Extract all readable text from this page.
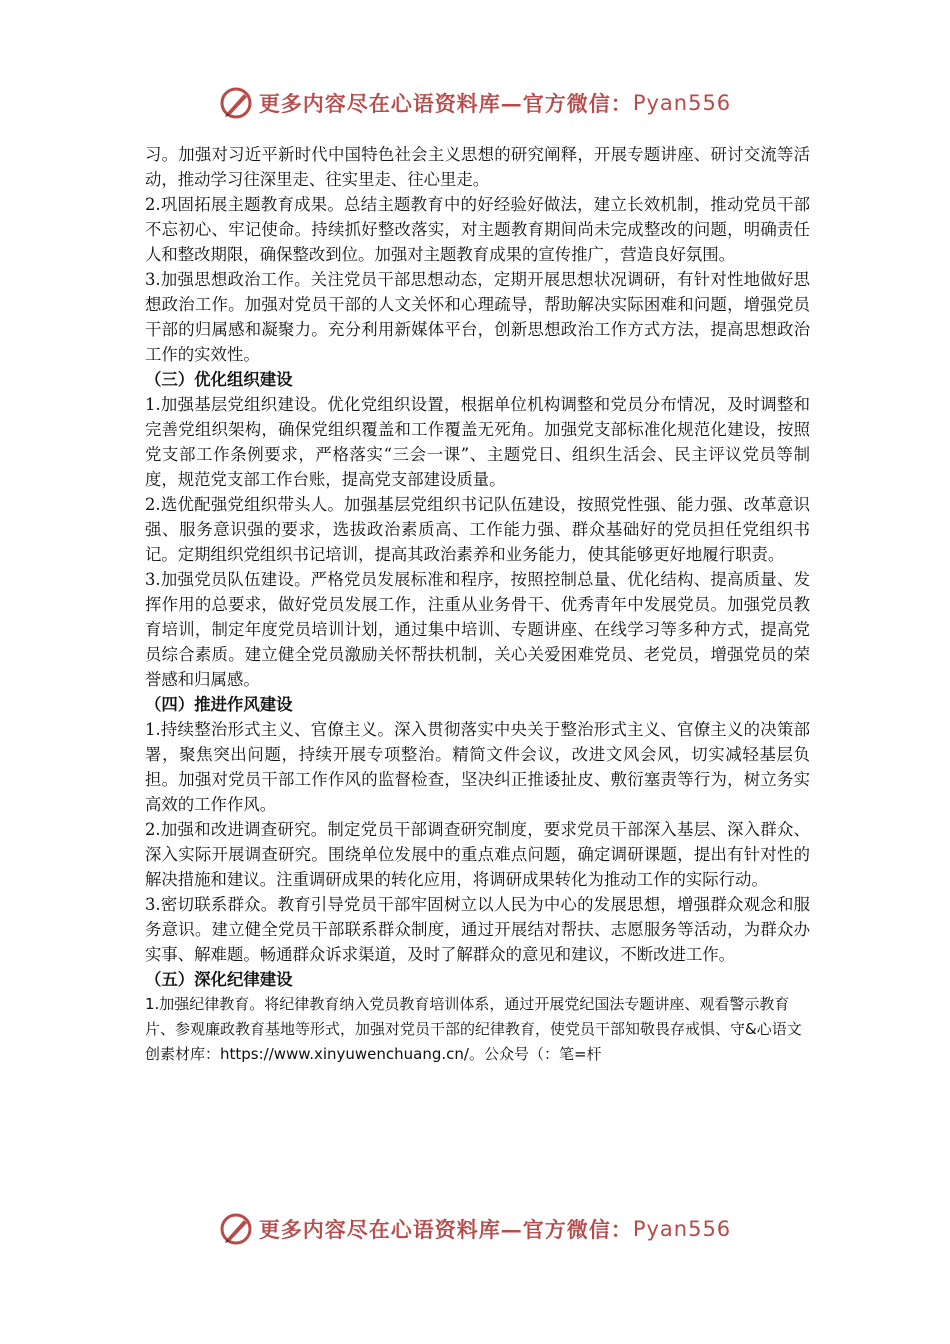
更多内容尽在心语资料库—官方微信： Pyan556

习。加强对习近平新时代中国特色社会主义思想的研究阐释，开展专题讲座、研讨交流等活动，推动学习往深里走、往实里走、往心里走。

2.巩固拓展主题教育成果。总结主题教育中的好经验好做法，建立长效机制，推动党员干部不忘初心、牢记使命。持续抓好整改落实，对主题教育期间尚未完成整改的问题，明确责任人和整改期限，确保整改到位。加强对主题教育成果的宣传推广，营造良好氛围。

3.加强思想政治工作。关注党员干部思想动态，定期开展思想状况调研，有针对性地做好思想政治工作。加强对党员干部的人文关怀和心理疏导，帮助解决实际困难和问题，增强党员干部的归属感和凝聚力。充分利用新媒体平台，创新思想政治工作方式方法，提高思想政治工作的实效性。

（三）优化组织建设

1.加强基层党组织建设。优化党组织设置，根据单位机构调整和党员分布情况，及时调整和完善党组织架构，确保党组织覆盖和工作覆盖无死角。加强党支部标准化规范化建设，按照党支部工作条例要求，严格落实“三会一课”、主题党日、组织生活会、民主评议党员等制度，规范党支部工作台账，提高党支部建设质量。

2.选优配强党组织带头人。加强基层党组织书记队伍建设，按照党性强、能力强、改革意识强、服务意识强的要求，选拔政治素质高、工作能力强、群众基础好的党员担任党组织书记。定期组织党组织书记培训，提高其政治素养和业务能力，使其能够更好地履行职责。

3.加强党员队伍建设。严格党员发展标准和程序，按照控制总量、优化结构、提高质量、发挥作用的总要求，做好党员发展工作，注重从业务骨干、优秀青年中发展党员。加强党员教育培训，制定年度党员培训计划，通过集中培训、专题讲座、在线学习等多种方式，提高党员综合素质。建立健全党员激励关怀帮扶机制，关心关爱困难党员、老党员，增强党员的荣誉感和归属感。

（四）推进作风建设

1.持续整治形式主义、官僚主义。深入贯彻落实中央关于整治形式主义、官僚主义的决策部署，聚焦突出问题，持续开展专项整治。精简文件会议，改进文风会风，切实减轻基层负担。加强对党员干部工作作风的监督检查，坚决纠正推诿扯皮、敷衍塞责等行为，树立务实高效的工作作风。

2.加强和改进调查研究。制定党员干部调查研究制度，要求党员干部深入基层、深入群众、深入实际开展调查研究。围绕单位发展中的重点难点问题，确定调研课题，提出有针对性的解决措施和建议。注重调研成果的转化应用，将调研成果转化为推动工作的实际行动。

3.密切联系群众。教育引导党员干部牢固树立以人民为中心的发展思想，增强群众观念和服务意识。建立健全党员干部联系群众制度，通过开展结对帮扶、志愿服务等活动，为群众办实事、解难题。畅通群众诉求渠道，及时了解群众的意见和建议，不断改进工作。

（五）深化纪律建设

1.加强纪律教育。将纪律教育纳入党员教育培训体系，通过开展党纪国法专题讲座、观看警示教育片、参观廉政教育基地等形式，加强对党员干部的纪律教育，使党员干部知敬畏存戒惧、守&心语文创素材库：https://www.xinyuwenchuang.cn/。公众号（：笔=杆

更多内容尽在心语资料库—官方微信： Pyan556
